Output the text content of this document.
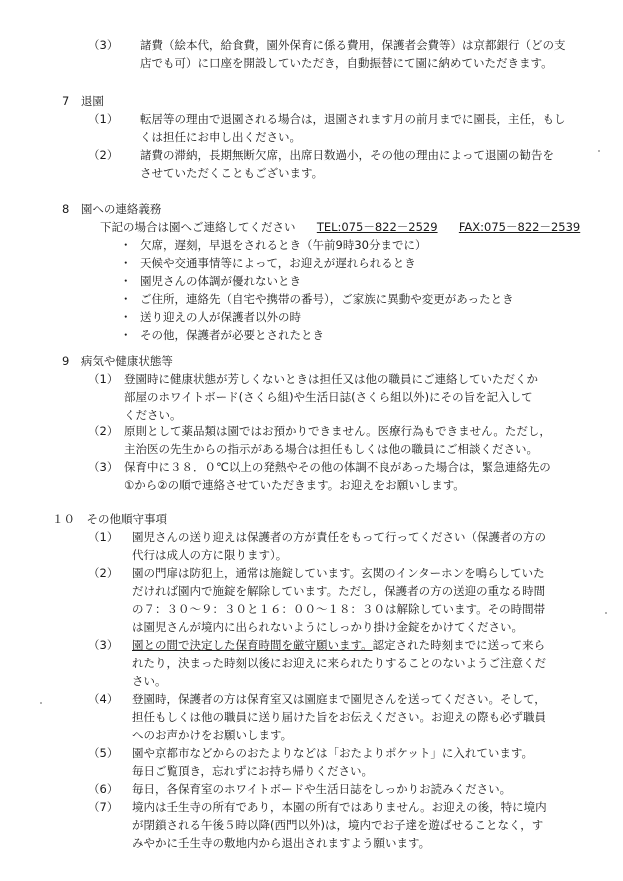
（3） 諸費（絵本代，給食費，園外保育に係る費用，保護者会費等）は京都銀行（どの支
店でも可）に口座を開設していただき，自動振替にて園に納めていただきます。
7　退園
（1） 転居等の理由で退園される場合は，退園されます月の前月までに園長，主任，もし
くは担任にお申し出ください。
（2） 諸費の滞納，長期無断欠席，出席日数過小，その他の理由によって退園の勧告を
させていただくこともございます。
8　園への連絡義務
下記の場合は園へご連絡してください TEL:075－822－2529 FAX:075－822－2539
・ 欠席，遅刻，早退をされるとき（午前9時30分までに）
・ 天候や交通事情等によって，お迎えが遅れられるとき
・ 園児さんの体調が優れないとき
・ ご住所，連絡先（自宅や携帯の番号），ご家族に異動や変更があったとき
・ 送り迎えの人が保護者以外の時
・ その他，保護者が必要とされたとき
9　病気や健康状態等
（1） 登園時に健康状態が芳しくないときは担任又は他の職員にご連絡していただくか
部屋のホワイトボード(さくら組)や生活日誌(さくら組以外)にその旨を記入して
ください。
（2） 原則として薬品類は園ではお預かりできません。医療行為もできません。ただし，
主治医の先生からの指示がある場合は担任もしくは他の職員にご相談ください。
（3） 保育中に３８．０℃以上の発熱やその他の体調不良があった場合は，緊急連絡先の
①から②の順で連絡させていただきます。お迎えをお願いします。
１０　その他順守事項
（1） 園児さんの送り迎えは保護者の方が責任をもって行ってください（保護者の方の
代行は成人の方に限ります）。
（2） 園の門扉は防犯上，通常は施錠しています。玄関のインターホンを鳴らしていた
だければ園内で施錠を解除しています。ただし，保護者の方の送迎の重なる時間
の７：３０～９：３０と１６：００～１８：３０は解除しています。その時間帯
は園児さんが境内に出られないようにしっかり掛け金錠をかけてください。
（3） 園との間で決定した保育時間を厳守願います。認定された時刻までに送って来ら
れたり，決まった時刻以後にお迎えに来られたりすることのないようご注意くだ
さい。
（4） 登園時，保護者の方は保育室又は園庭まで園児さんを送ってください。そして，
担任もしくは他の職員に送り届けた旨をお伝えください。お迎えの際も必ず職員
へのお声かけをお願いします。
（5） 園や京都市などからのおたよりなどは「おたよりポケット」に入れています。
毎日ご覧頂き，忘れずにお持ち帰りください。
（6） 毎日，各保育室のホワイトボードや生活日誌をしっかりお読みください。
（7） 境内は壬生寺の所有であり，本園の所有ではありません。お迎えの後，特に境内
が閉鎖される午後５時以降(西門以外)は，境内でお子達を遊ばせることなく，す
みやかに壬生寺の敷地内から退出されますよう願います。
